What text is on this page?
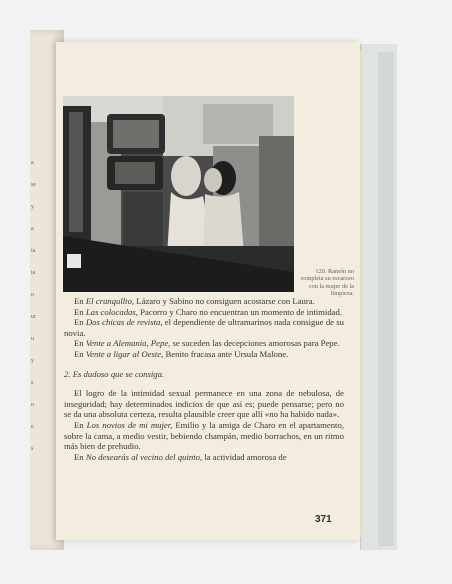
a
se
y
a
ia
ia
o
ur
u
y
s
o
e
s
120. Ramón no completa su escarceo con la mujer de la limpieza.

En El crunqullto, Lázaro y Sabino no consiguen acostarse con Laura.

En Las colocadas, Pacorro y Charo no encuentran un momento de intimidad.

En Dos chicas de revista, el dependiente de ultramarinos nada consigue de su novia.

En Vente a Alemania, Pepe, se suceden las decepciones amorosas para Pepe.

En Vente a ligar al Oeste, Benito fracasa ante Ursula Malone.

2. Es dudoso que se consiga.

El logro de la intimidad sexual permanece en una zona de nebulosa, de inseguridad; hay determinados indicios de que así es; puede pensarse; pero no se da una absoluta certeza, resulta plausible creer que allí «no ha habido nada».

En Los novios de mi mujer, Emilio y la amiga de Charo en el apartamento, sobre la cama, a medio vestir, bebiendo champán, medio borrachos, en un ritmo más bien de prehudio.

En No desearás al vecino del quinto, la actividad amorosa de

371
